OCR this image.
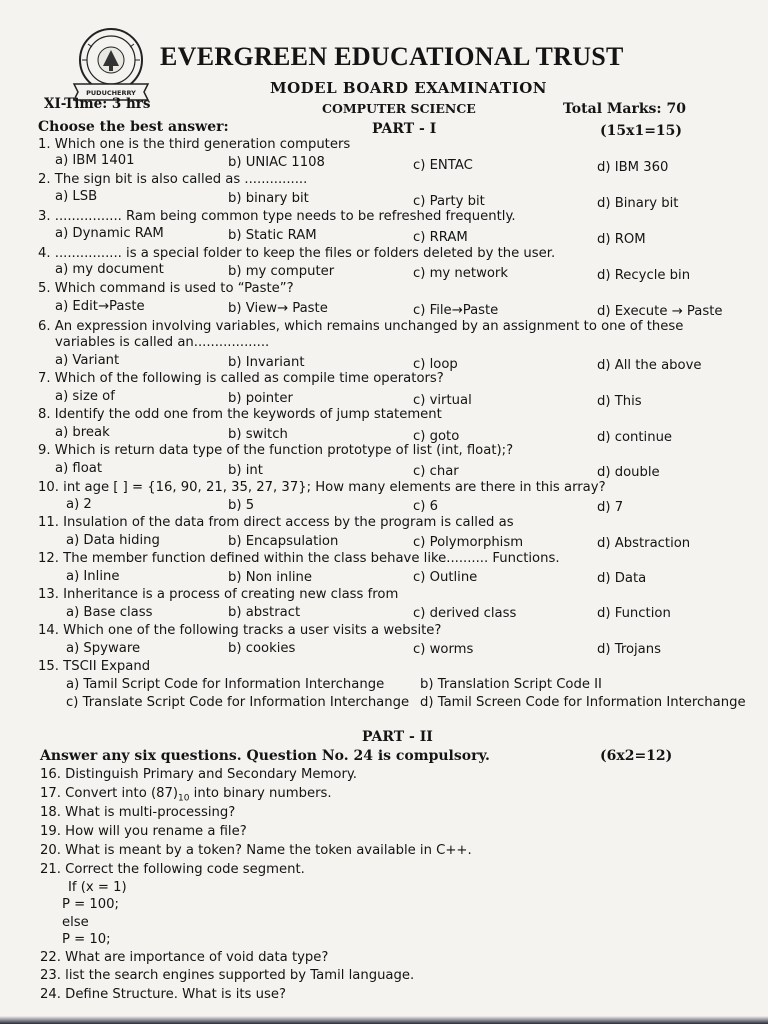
PUDUCHERRY
EVERGREEN EDUCATIONAL TRUST
MODEL BOARD EXAMINATION
XI-Time: 3 hrs	COMPUTER SCIENCE	Total Marks: 70
Choose the best answer:	PART - I	(15x1=15)
1. Which one is the third generation computers
a) IBM 1401	b) UNIAC 1108	c) ENTAC	d) IBM 360
2. The sign bit is also called as ...............
a) LSB	b) binary bit	c) Party bit	d) Binary bit
3. ................ Ram being common type needs to be refreshed frequently.
a) Dynamic RAM	b) Static RAM	c) RRAM	d) ROM
4. ................ is a special folder to keep the files or folders deleted by the user.
a) my document	b) my computer	c) my network	d) Recycle bin
5. Which command is used to “Paste”?
a) Edit→Paste	b) View→ Paste	c) File→Paste	d) Execute → Paste
6. An expression involving variables, which remains unchanged by an assignment to one of these
variables is called an..................
a) Variant	b) Invariant	c) loop	d) All the above
7. Which of the following is called as compile time operators?
a) size of	b) pointer	c) virtual	d) This
8. Identify the odd one from the keywords of jump statement
a) break	b) switch	c) goto	d) continue
9. Which is return data type of the function prototype of list (int, float);?
a) float	b) int	c) char	d) double
10. int age [ ] = {16, 90, 21, 35, 27, 37}; How many elements are there in this array?
a) 2	b) 5	c) 6	d) 7
11. Insulation of the data from direct access by the program is called as
a) Data hiding	b) Encapsulation	c) Polymorphism	d) Abstraction
12. The member function defined within the class behave like.......... Functions.
a) Inline	b) Non inline	c) Outline	d) Data
13. Inheritance is a process of creating new class from
a) Base class	b) abstract	c) derived class	d) Function
14. Which one of the following tracks a user visits a website?
a) Spyware	b) cookies	c) worms	d) Trojans
15. TSCII Expand
a) Tamil Script Code for Information Interchange	b) Translation Script Code II
c) Translate Script Code for Information Interchange d) Tamil Screen Code for Information Interchange
PART - II
Answer any six questions. Question No. 24 is compulsory.	(6x2=12)
16. Distinguish Primary and Secondary Memory.
17. Convert into $(87)_{10}$ into binary numbers.
18. What is multi-processing?
19. How will you rename a file?
20. What is meant by a token? Name the token available in C++.
21. Correct the following code segment.
If (x = 1)
P = 100;
else
P = 10;
22. What are importance of void data type?
23. list the search engines supported by Tamil language.
24. Define Structure. What is its use?
